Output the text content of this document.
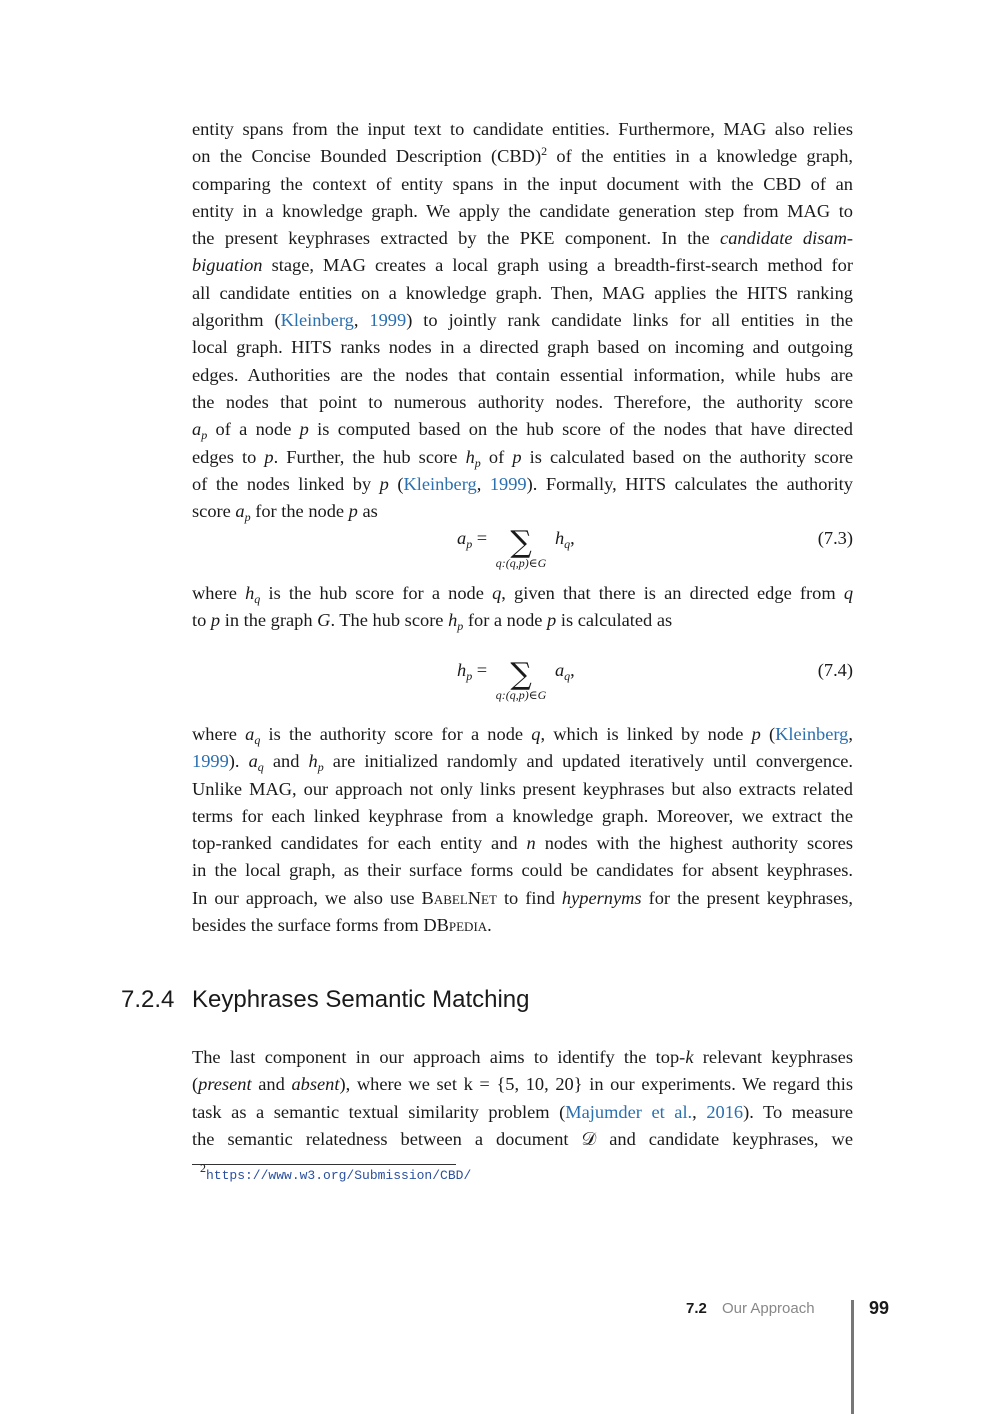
entity spans from the input text to candidate entities. Furthermore, MAG also relies
on the Concise Bounded Description (CBD)$^2$ of the entities in a knowledge graph,
comparing the context of entity spans in the input document with the CBD of an
entity in a knowledge graph. We apply the candidate generation step from MAG to
the present keyphrases extracted by the PKE component. In the candidate disam-
biguation stage, MAG creates a local graph using a breadth-first-search method for
all candidate entities on a knowledge graph. Then, MAG applies the HITS ranking
algorithm (Kleinberg, 1999) to jointly rank candidate links for all entities in the
local graph. HITS ranks nodes in a directed graph based on incoming and outgoing
edges. Authorities are the nodes that contain essential information, while hubs are
the nodes that point to numerous authority nodes. Therefore, the authority score
$a_p$ of a node p is computed based on the hub score of the nodes that have directed
edges to p. Further, the hub score $h_p$ of p is calculated based on the authority score
of the nodes linked by p (Kleinberg, 1999). Formally, HITS calculates the authority
score $a_p$ for the node p as
$a_p$ = ∑
q:(q,p)∈G
$h_q$,	(7.3)
where $h_q$ is the hub score for a node q, given that there is an directed edge from q
to p in the graph G. The hub score $h_p$ for a node p is calculated as
$h_p$ = ∑
q:(q,p)∈G
$a_q$,	(7.4)
where $a_q$ is the authority score for a node q, which is linked by node p (Kleinberg,
1999). $a_q$ and $h_p$ are initialized randomly and updated iteratively until convergence.
Unlike MAG, our approach not only links present keyphrases but also extracts related
terms for each linked keyphrase from a knowledge graph. Moreover, we extract the
top-ranked candidates for each entity and n nodes with the highest authority scores
in the local graph, as their surface forms could be candidates for absent keyphrases.
In our approach, we also use BabelNet to find hypernyms for the present keyphrases,
besides the surface forms from DBpedia.
7.2.4 Keyphrases Semantic Matching
The last component in our approach aims to identify the top-k relevant keyphrases
(present and absent), where we set k = {5, 10, 20} in our experiments. We regard this
task as a semantic textual similarity problem (Majumder et al., 2016). To measure
the semantic relatedness between a document 𝒟 and candidate keyphrases, we
$^2$https://www.w3.org/Submission/CBD/
7.2 Our Approach	99
